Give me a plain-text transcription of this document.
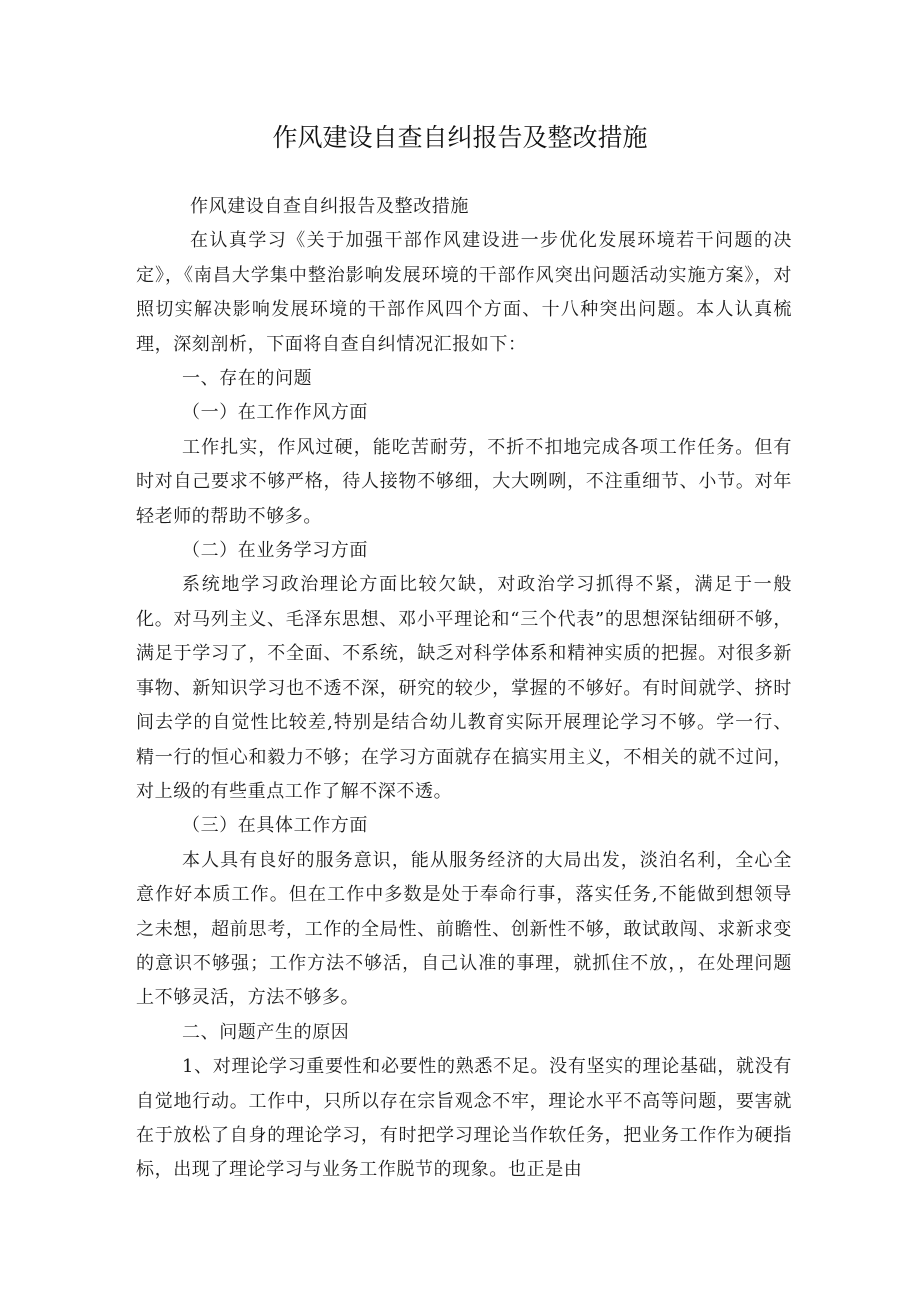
作风建设自查自纠报告及整改措施

作风建设自查自纠报告及整改措施

在认真学习《关于加强干部作风建设进一步优化发展环境若干问题的决定》，《南昌大学集中整治影响发展环境的干部作风突出问题活动实施方案》，对照切实解决影响发展环境的干部作风四个方面、十八种突出问题。本人认真梳理，深刻剖析，下面将自查自纠情况汇报如下：

一、存在的问题

（一）在工作作风方面

工作扎实，作风过硬，能吃苦耐劳，不折不扣地完成各项工作任务。但有时对自己要求不够严格，待人接物不够细，大大咧咧，不注重细节、小节。对年轻老师的帮助不够多。

（二）在业务学习方面

系统地学习政治理论方面比较欠缺，对政治学习抓得不紧，满足于一般化。对马列主义、毛泽东思想、邓小平理论和“三个代表”的思想深钻细研不够，满足于学习了，不全面、不系统，缺乏对科学体系和精神实质的把握。对很多新事物、新知识学习也不透不深，研究的较少，掌握的不够好。有时间就学、挤时间去学的自觉性比较差,特别是结合幼儿教育实际开展理论学习不够。学一行、精一行的恒心和毅力不够；在学习方面就存在搞实用主义，不相关的就不过问，对上级的有些重点工作了解不深不透。

（三）在具体工作方面

本人具有良好的服务意识，能从服务经济的大局出发，淡泊名利，全心全意作好本质工作。但在工作中多数是处于奉命行事，落实任务,不能做到想领导之未想，超前思考，工作的全局性、前瞻性、创新性不够，敢试敢闯、求新求变的意识不够强；工作方法不够活，自己认准的事理，就抓住不放，，在处理问题上不够灵活，方法不够多。

二、问题产生的原因

1、对理论学习重要性和必要性的熟悉不足。没有坚实的理论基础，就没有自觉地行动。工作中，只所以存在宗旨观念不牢，理论水平不高等问题，要害就在于放松了自身的理论学习，有时把学习理论当作软任务，把业务工作作为硬指标，出现了理论学习与业务工作脱节的现象。也正是由
